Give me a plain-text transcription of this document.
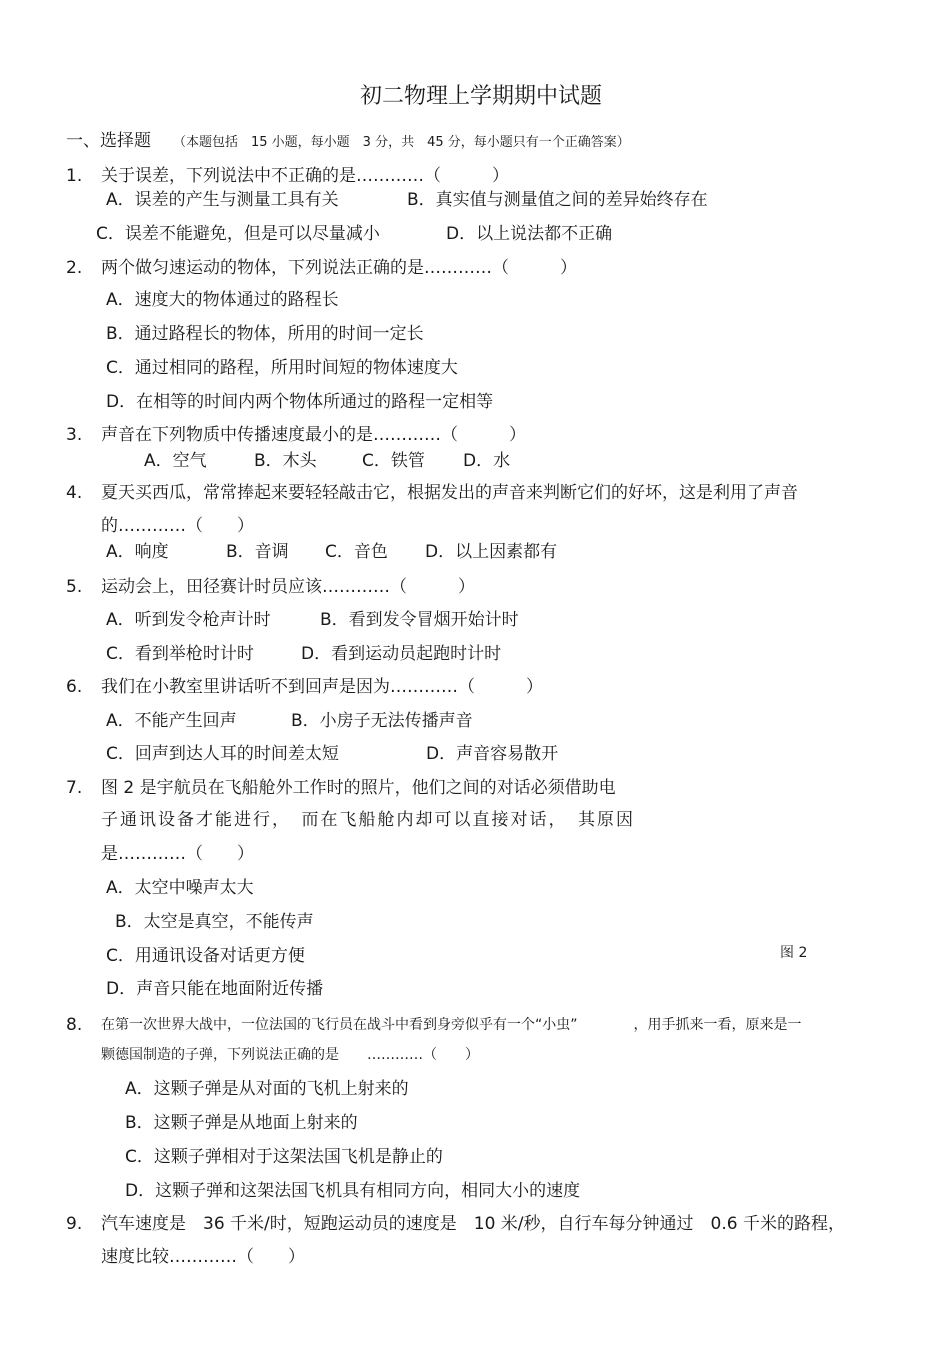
初二物理上学期期中试题
一、选择题 （本题包括　15 小题，每小题　3 分，共　45 分，每小题只有一个正确答案）
1. 关于误差，下列说法中不正确的是…………（　　　）
A．误差的产生与测量工具有关	B．真实值与测量值之间的差异始终存在
C．误差不能避免，但是可以尽量减小	D．以上说法都不正确
2. 两个做匀速运动的物体，下列说法正确的是…………（　　　）
A．速度大的物体通过的路程长
B．通过路程长的物体，所用的时间一定长
C．通过相同的路程，所用时间短的物体速度大
D．在相等的时间内两个物体所通过的路程一定相等
3. 声音在下列物质中传播速度最小的是…………（　　　）
A．空气	B．木头	C．铁管 D．水
4. 夏天买西瓜，常常捧起来要轻轻敲击它，根据发出的声音来判断它们的好坏，这是利用了声音
的…………（　　）
A．响度	B．音调 C．音色 D．以上因素都有
5. 运动会上，田径赛计时员应该…………（　　　）
A．听到发令枪声计时	B．看到发令冒烟开始计时
C．看到举枪时计时	D．看到运动员起跑时计时
6. 我们在小教室里讲话听不到回声是因为…………（　　　）
A．不能产生回声	B．小房子无法传播声音
C．回声到达人耳的时间差太短	D．声音容易散开
7. 图 2 是宇航员在飞船舱外工作时的照片，他们之间的对话必须借助电
子通讯设备才能进行，　而在飞船舱内却可以直接对话，　其原因
是…………（　　）
A．太空中噪声太大
B．太空是真空，不能传声
C．用通讯设备对话更方便
D．声音只能在地面附近传播
图 2
8. 在第一次世界大战中，一位法国的飞行员在战斗中看到身旁似乎有一个“小虫”　　　　，用手抓来一看，原来是一
颗德国制造的子弹，下列说法正确的是　　…………（　　）
A．这颗子弹是从对面的飞机上射来的
B．这颗子弹是从地面上射来的
C．这颗子弹相对于这架法国飞机是静止的
D．这颗子弹和这架法国飞机具有相同方向，相同大小的速度
9. 汽车速度是　36 千米/时，短跑运动员的速度是　10 米/秒，自行车每分钟通过　0.6 千米的路程，
速度比较…………（　　）
